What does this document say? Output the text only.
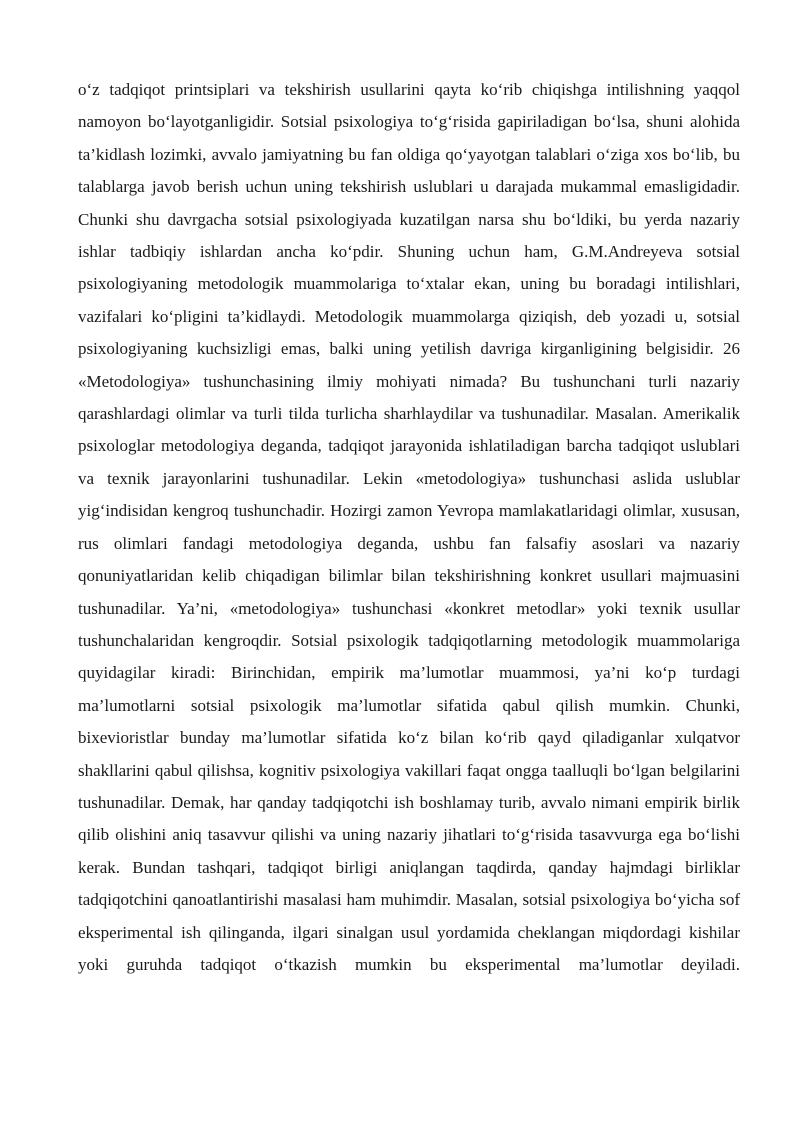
o‘z tadqiqot printsiplari va tekshirish usullarini qayta ko‘rib chiqishga intilishning yaqqol namoyon bo‘layotganligidir. Sotsial psixologiya to‘g‘risida gapiriladigan bo‘lsa, shuni alohida ta’kidlash lozimki, avvalo jamiyatning bu fan oldiga qo‘yayotgan talablari o‘ziga xos bo‘lib, bu talablarga javob berish uchun uning tekshirish uslublari u darajada mukammal emasligidadir. Chunki shu davrgacha sotsial psixologiyada kuzatilgan narsa shu bo‘ldiki, bu yerda nazariy ishlar tadbiqiy ishlardan ancha ko‘pdir. Shuning uchun ham, G.M.Andreyeva sotsial psixologiyaning metodologik muammolariga to‘xtalar ekan, uning bu boradagi intilishlari, vazifalari ko‘pligini ta’kidlaydi. Metodologik muammolarga qiziqish, deb yozadi u, sotsial psixologiyaning kuchsizligi emas, balki uning yetilish davriga kirganligining belgisidir. 26 «Metodologiya» tushunchasining ilmiy mohiyati nimada? Bu tushunchani turli nazariy qarashlardagi olimlar va turli tilda turlicha sharhlaydilar va tushunadilar. Masalan. Amerikalik psixologlar metodologiya deganda, tadqiqot jarayonida ishlatiladigan barcha tadqiqot uslublari va texnik jarayonlarini tushunadilar. Lekin «metodologiya» tushunchasi aslida uslublar yig‘indisidan kengroq tushunchadir. Hozirgi zamon Yevropa mamlakatlaridagi olimlar, xususan, rus olimlari fandagi metodologiya deganda, ushbu fan falsafiy asoslari va nazariy qonuniyatlaridan kelib chiqadigan bilimlar bilan tekshirishning konkret usullari majmuasini tushunadilar. Ya’ni, «metodologiya» tushunchasi «konkret metodlar» yoki texnik usullar tushunchalaridan kengroqdir. Sotsial psixologik tadqiqotlarning metodologik muammolariga quyidagilar kiradi: Birinchidan, empirik ma’lumotlar muammosi, ya’ni ko‘p turdagi ma’lumotlarni sotsial psixologik ma’lumotlar sifatida qabul qilish mumkin. Chunki, bixevioristlar bunday ma’lumotlar sifatida ko‘z bilan ko‘rib qayd qiladiganlar xulqatvor shakllarini qabul qilishsa, kognitiv psixologiya vakillari faqat ongga taalluqli bo‘lgan belgilarini tushunadilar. Demak, har qanday tadqiqotchi ish boshlamay turib, avvalo nimani empirik birlik qilib olishini aniq tasavvur qilishi va uning nazariy jihatlari to‘g‘risida tasavvurga ega bo‘lishi kerak. Bundan tashqari, tadqiqot birligi aniqlangan taqdirda, qanday hajmdagi birliklar tadqiqotchini qanoatlantirishi masalasi ham muhimdir. Masalan, sotsial psixologiya bo‘yicha sof eksperimental ish qilinganda, ilgari sinalgan usul yordamida cheklangan miqdordagi kishilar yoki guruhda tadqiqot o‘tkazish mumkin bu eksperimental ma’lumotlar deyiladi.
